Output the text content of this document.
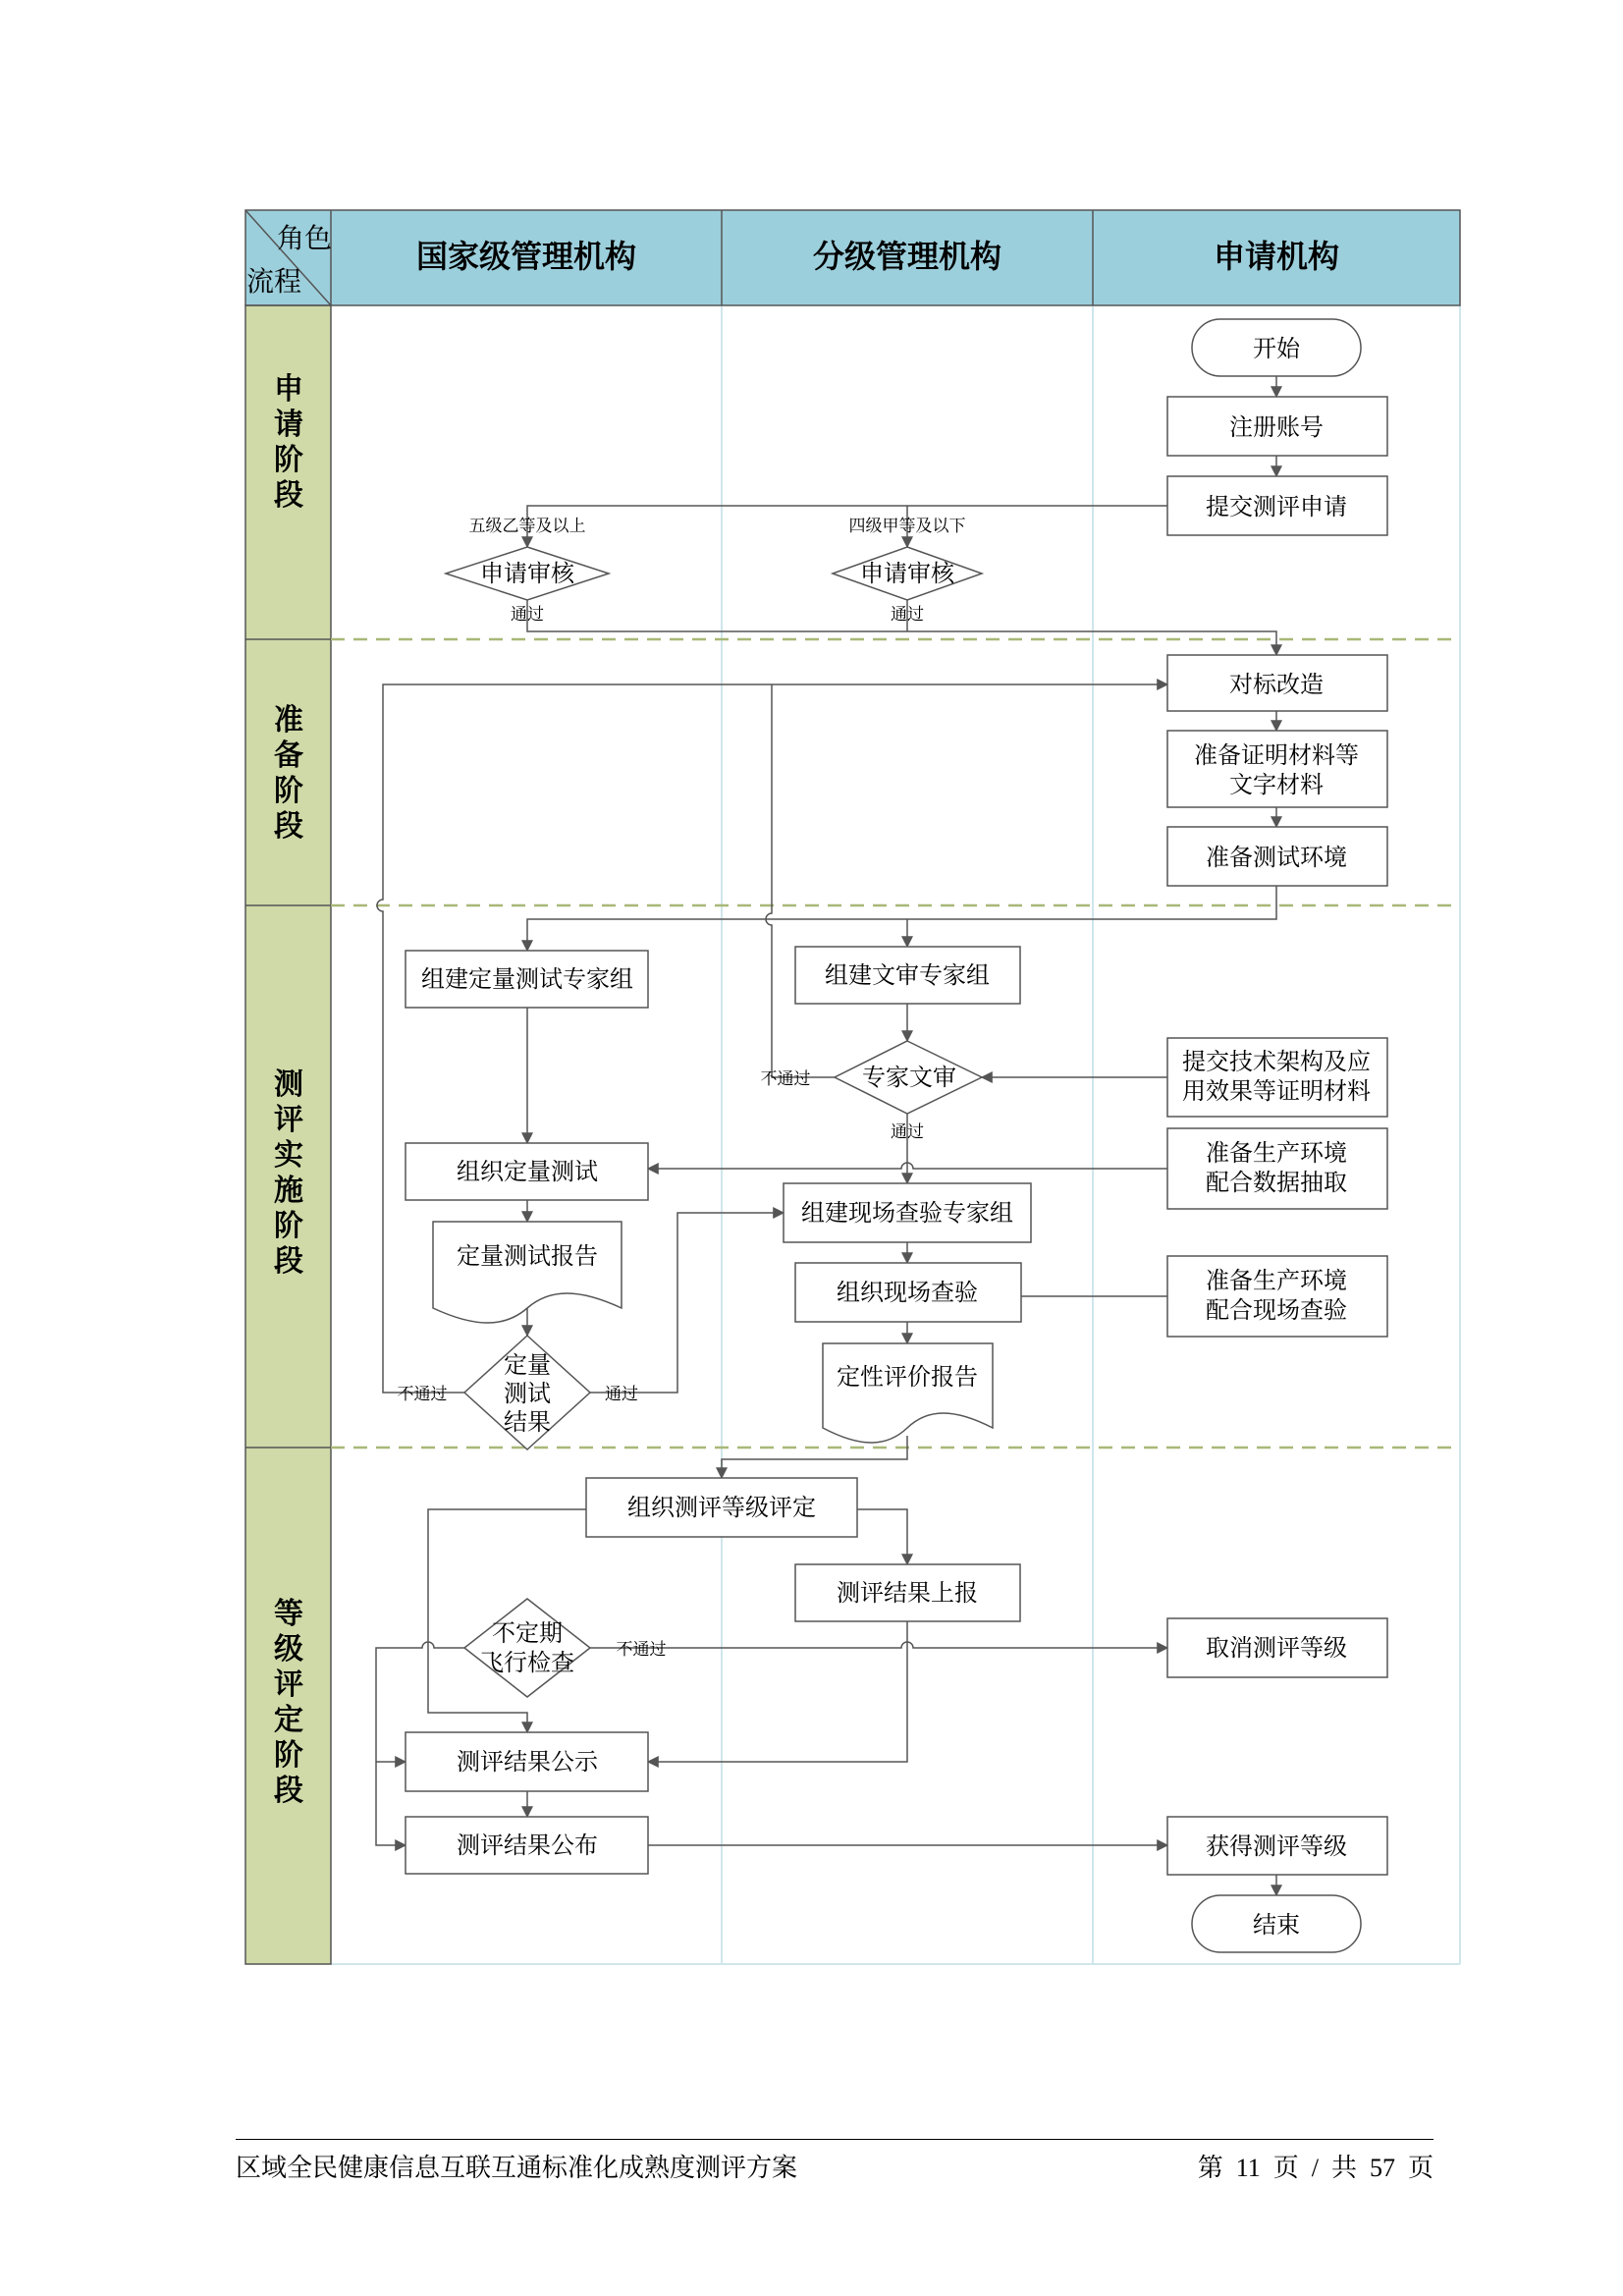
角色
流程
国家级管理机构	分级管理机构	申请机构
申请阶段
准备阶段
测评实施阶段
等级评定阶段
开始
注册账号
提交测评申请
申请审核	申请审核
对标改造
准备证明材料等文字材料
准备测试环境
组建定量测试专家组	组建文审专家组
专家文审
提交技术架构及应用效果等证明材料
组织定量测试
准备生产环境配合数据抽取
组建现场查验专家组
定量测试报告
组织现场查验	准备生产环境配合现场查验
定量测试结果
定性评价报告
组织测评等级评定
测评结果上报
不定期飞行检查
取消测评等级
测评结果公示
测评结果公布	获得测评等级
结束
五级乙等及以上	四级甲等及以下
通过	通过
不通过
通过
不通过	通过
不通过
区域全民健康信息互联互通标准化成熟度测评方案	第  11  页  /  共  57  页
